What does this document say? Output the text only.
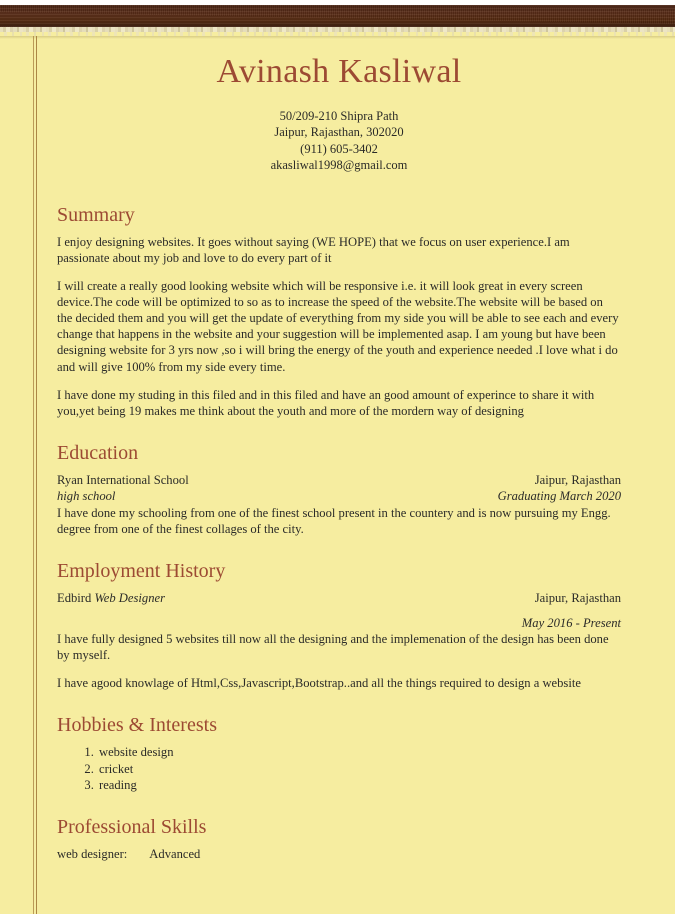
Avinash Kasliwal
50/209-210 Shipra Path
Jaipur, Rajasthan, 302020
(911) 605-3402
akasliwal1998@gmail.com
Summary

I enjoy designing websites. It goes without saying (WE HOPE) that we focus on user experience.I am passionate about my job and love to do every part of it

I will create a really good looking website which will be responsive i.e. it will look great in every screen device.The code will be optimized to so as to increase the speed of the website.The website will be based on the decided them and you will get the update of everything from my side you will be able to see each and every change that happens in the website and your suggestion will be implemented asap. I am young but have been designing website for 3 yrs now ,so i will bring the energy of the youth and experience needed .I love what i do and will give 100% from my side every time.

I have done my studing in this filed and in this filed and have an good amount of experince to share it with you,yet being 19 makes me think about the youth and more of the mordern way of designing

Education
Ryan International School	Jaipur, Rajasthan
high school	Graduating March 2020

I have done my schooling from one of the finest school present in the countery and is now pursuing my Engg. degree from one of the finest collages of the city.

Employment History
Edbird Web Designer	Jaipur, Rajasthan
May 2016 - Present

I have fully designed 5 websites till now all the designing and the implemenation of the design has been done by myself.

I have agood knowlage of Html,Css,Javascript,Bootstrap..and all the things required to design a website

Hobbies & Interests
1. website design
2. cricket
3. reading
Professional Skills
web designer: Advanced
